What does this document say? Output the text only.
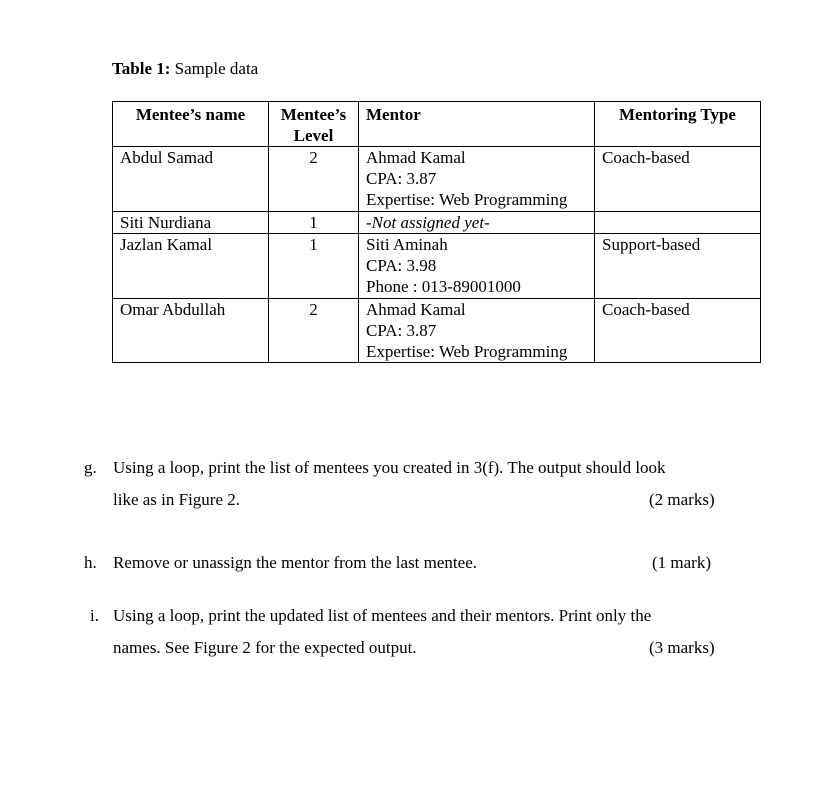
Table 1: Sample data
Mentee’s name	Mentee’s
Level	Mentor	Mentoring Type
Abdul Samad	2	Ahmad Kamal
CPA: 3.87
Expertise: Web Programming	Coach-based
Siti Nurdiana	1	-Not assigned yet-	

Jazlan Kamal	1	Siti Aminah
CPA: 3.98
Phone : 013-89001000	Support-based
Omar Abdullah	2	Ahmad Kamal
CPA: 3.87
Expertise: Web Programming	Coach-based
g. Using a loop, print the list of mentees you created in 3(f). The output should look
like as in Figure 2.	(2 marks)
h. Remove or unassign the mentor from the last mentee.	(1 mark)
i. Using a loop, print the updated list of mentees and their mentors. Print only the
names. See Figure 2 for the expected output.	(3 marks)
